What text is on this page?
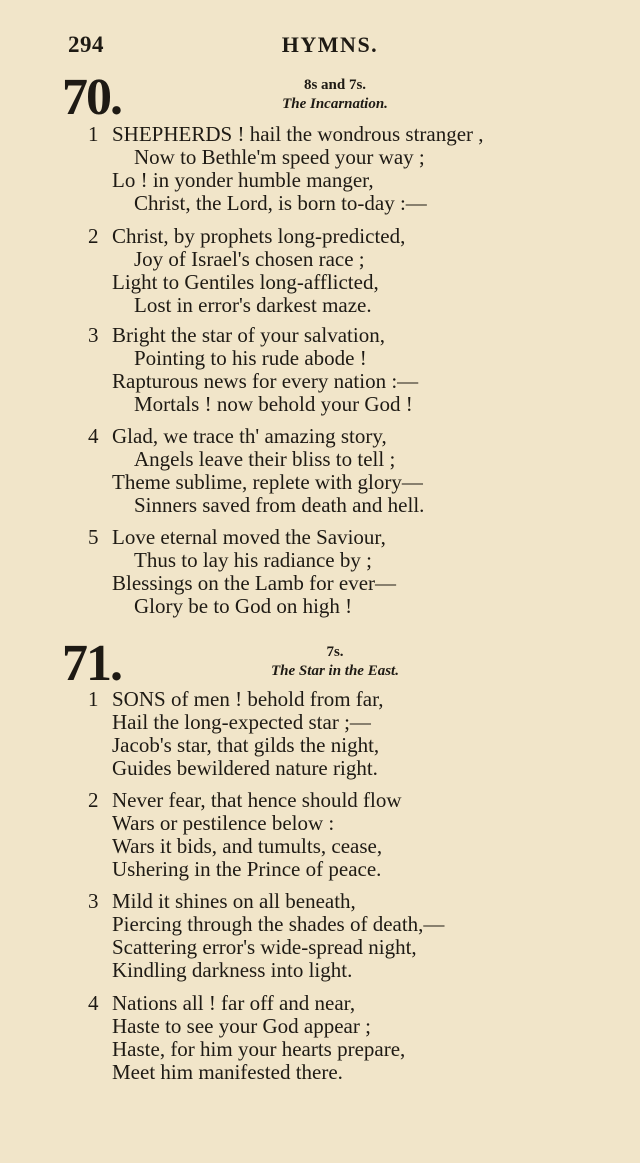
294	HYMNS.
70.	8s and 7s.
The Incarnation.
1 SHEPHERDS ! hail the wondrous stranger ,
Now to Bethle'm speed your way ;
Lo ! in yonder humble manger,
Christ, the Lord, is born to-day :—
2 Christ, by prophets long-predicted,
Joy of Israel's chosen race ;
Light to Gentiles long-afflicted,
Lost in error's darkest maze.
3 Bright the star of your salvation,
Pointing to his rude abode !
Rapturous news for every nation :—
Mortals ! now behold your God !
4 Glad, we trace th' amazing story,
Angels leave their bliss to tell ;
Theme sublime, replete with glory—
Sinners saved from death and hell.
5 Love eternal moved the Saviour,
Thus to lay his radiance by ;
Blessings on the Lamb for ever—
Glory be to God on high !
71.	7s.
The Star in the East.
1 SONS of men ! behold from far,
Hail the long-expected star ;—
Jacob's star, that gilds the night,
Guides bewildered nature right.
2 Never fear, that hence should flow
Wars or pestilence below :
Wars it bids, and tumults, cease,
Ushering in the Prince of peace.
3 Mild it shines on all beneath,
Piercing through the shades of death,—
Scattering error's wide-spread night,
Kindling darkness into light.
4 Nations all ! far off and near,
Haste to see your God appear ;
Haste, for him your hearts prepare,
Meet him manifested there.
